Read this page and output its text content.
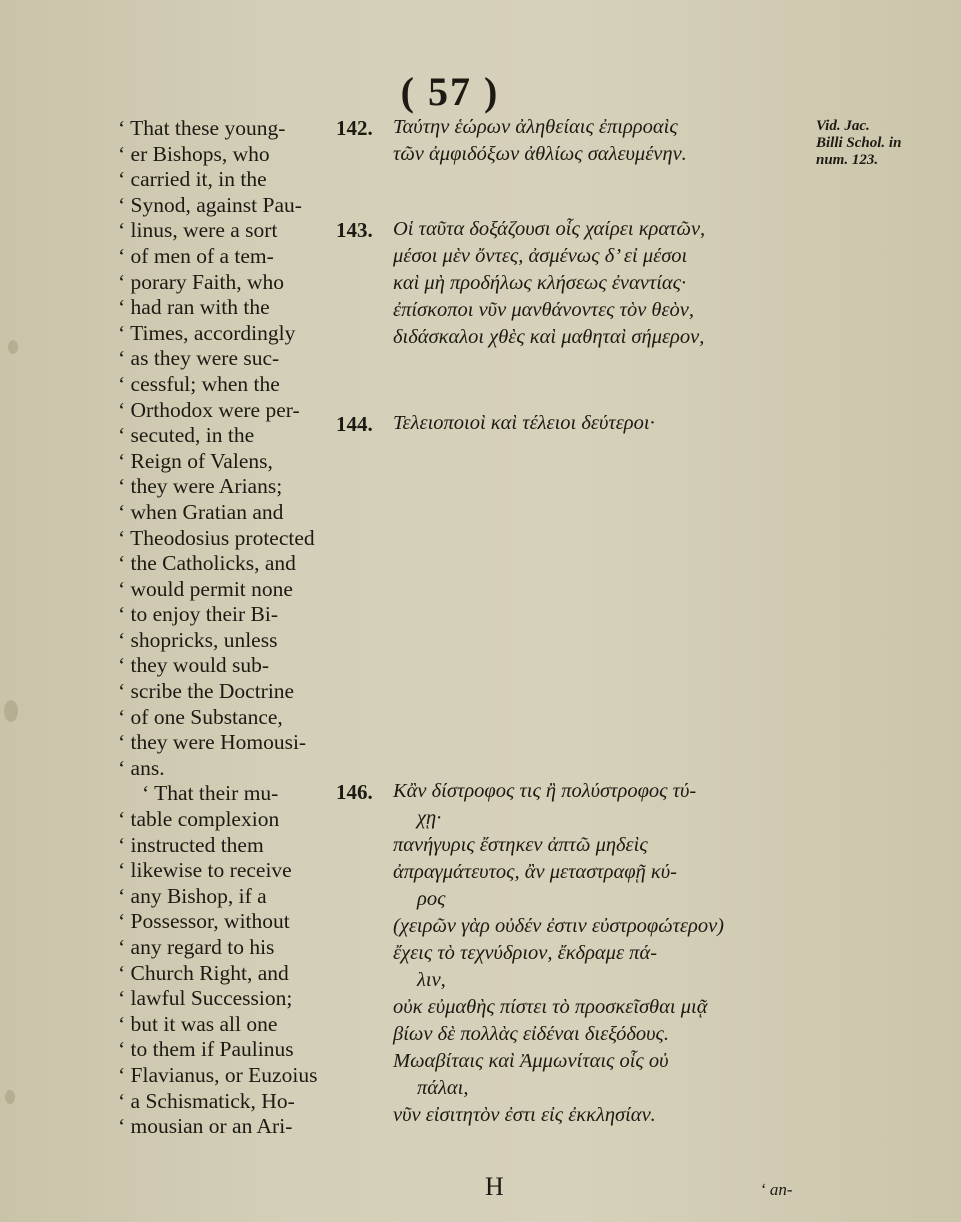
( 57 )
‘ That these young-
‘ er Bishops, who
‘ carried it, in the
‘ Synod, against Pau-
‘ linus, were a sort
‘ of men of a tem-
‘ porary Faith, who
‘ had ran with the
‘ Times, accordingly
‘ as they were suc-
‘ cessful; when the
‘ Orthodox were per-
‘ secuted, in the
‘ Reign of Valens,
‘ they were Arians;
‘ when Gratian and
‘ Theodosius protected
‘ the Catholicks, and
‘ would permit none
‘ to enjoy their Bi-
‘ shopricks, unless
‘ they would sub-
‘ scribe the Doctrine
‘ of one Substance,
‘ they were Homousi-
‘ ans.
‘ That their mu-
‘ table complexion
‘ instructed them
‘ likewise to receive
‘ any Bishop, if a
‘ Possessor, without
‘ any regard to his
‘ Church Right, and
‘ lawful Succession;
‘ but it was all one
‘ to them if Paulinus
‘ Flavianus, or Euzoius
‘ a Schismatick, Ho-
‘ mousian or an Ari-
142. Ταύτην ἑώρων ἀληθείαις ἐπιρροαὶς
τῶν ἀμφιδόξων ἀθλίως σαλευμένην.
143. Οἱ ταῦτα δοξάζουσι οἷς χαίρει κρατῶν,
μέσοι μὲν ὄντες, ἀσμένως δ’ εἰ μέσοι
καὶ μὴ προδήλως κλήσεως ἐναντίας·
ἐπίσκοποι νῦν μανθάνοντες τὸν θεὸν,
διδάσκαλοι χθὲς καὶ μαθηταὶ σήμερον,
144. Τελειοποιοὶ καὶ τέλειοι δεύτεροι·
146. Κἂν δίστροφος τις ἢ πολύστροφος τύ-
χῃ·
πανήγυρις ἔστηκεν ἀπτῶ μηδεὶς
ἀπραγμάτευτος, ἂν μεταστραφῇ κύ-
ρος
(χειρῶν γὰρ οὐδέν ἐστιν εὐστροφώτερον)
ἔχεις τὸ τεχνύδριον, ἔκδραμε πά-
λιν,
οὐκ εὐμαθὴς πίστει τὸ προσκεῖσθαι μιᾷ
βίων δὲ πολλὰς εἰδέναι διεξόδους.
Μωαβίταις καὶ Ἀμμωνίταις οἷς οὐ
πάλαι,
νῦν εἰσιτητὸν ἐστι εἰς ἐκκλησίαν.
Vid. Jac.
Billi Schol. in
num. 123.
H	‘ an-
